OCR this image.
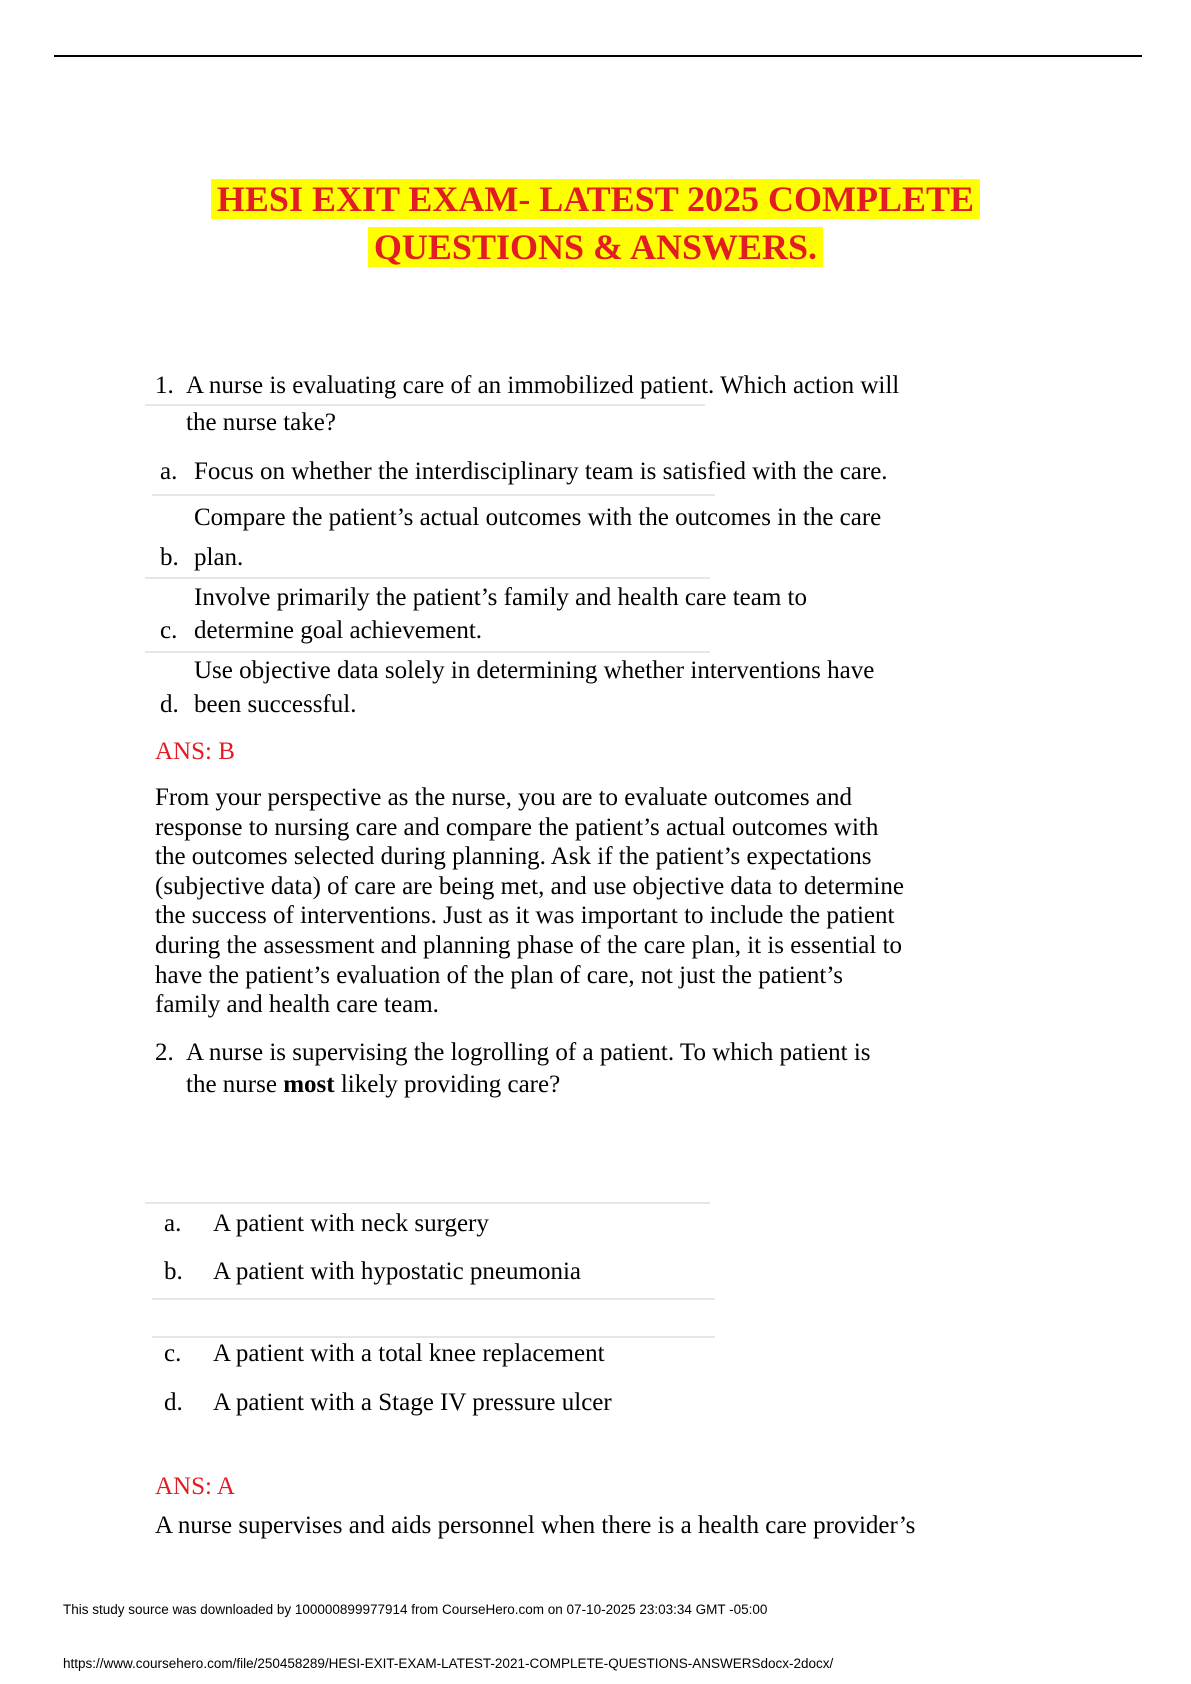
HESI EXIT EXAM- LATEST 2025 COMPLETE
QUESTIONS & ANSWERS.
1. A nurse is evaluating care of an immobilized patient. Which action will
the nurse take?
a. Focus on whether the interdisciplinary team is satisfied with the care.
Compare the patient’s actual outcomes with the outcomes in the care
b. plan.
Involve primarily the patient’s family and health care team to
c. determine goal achievement.
Use objective data solely in determining whether interventions have
d. been successful.
ANS: B
From your perspective as the nurse, you are to evaluate outcomes and
response to nursing care and compare the patient’s actual outcomes with
the outcomes selected during planning. Ask if the patient’s expectations
(subjective data) of care are being met, and use objective data to determine
the success of interventions. Just as it was important to include the patient
during the assessment and planning phase of the care plan, it is essential to
have the patient’s evaluation of the plan of care, not just the patient’s
family and health care team.
2. A nurse is supervising the logrolling of a patient. To which patient is
the nurse most likely providing care?
a. A patient with neck surgery
b. A patient with hypostatic pneumonia
c. A patient with a total knee replacement
d. A patient with a Stage IV pressure ulcer
ANS: A
A nurse supervises and aids personnel when there is a health care provider’s
This study source was downloaded by 100000899977914 from CourseHero.com on 07-10-2025 23:03:34 GMT -05:00
https://www.coursehero.com/file/250458289/HESI-EXIT-EXAM-LATEST-2021-COMPLETE-QUESTIONS-ANSWERSdocx-2docx/
